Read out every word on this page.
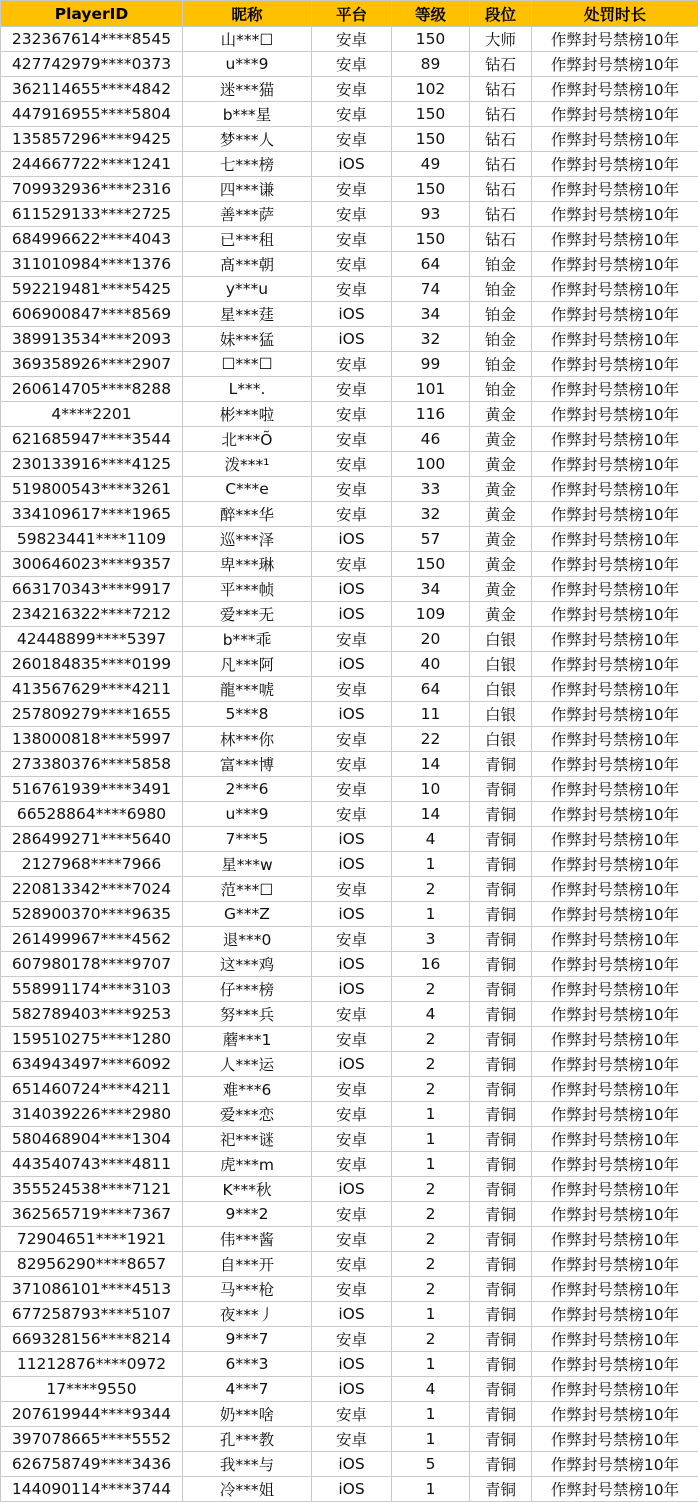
PlayerID	昵称	平台	等级	段位	处罚时长
232367614****8545	山***☐	安卓	150	大师	作弊封号禁榜10年
427742979****0373	u***9	安卓	89	钻石	作弊封号禁榜10年
362114655****4842	迷***猫	安卓	102	钻石	作弊封号禁榜10年
447916955****5804	b***星	安卓	150	钻石	作弊封号禁榜10年
135857296****9425	梦***人	安卓	150	钻石	作弊封号禁榜10年
244667722****1241	七***榜	iOS	49	钻石	作弊封号禁榜10年
709932936****2316	四***谦	安卓	150	钻石	作弊封号禁榜10年
611529133****2725	善***萨	安卓	93	钻石	作弊封号禁榜10年
684996622****4043	已***租	安卓	150	钻石	作弊封号禁榜10年
311010984****1376	髙***朝	安卓	64	铂金	作弊封号禁榜10年
592219481****5425	y***u	安卓	74	铂金	作弊封号禁榜10年
606900847****8569	星***莛	iOS	34	铂金	作弊封号禁榜10年
389913534****2093	妹***猛	iOS	32	铂金	作弊封号禁榜10年
369358926****2907	☐***☐	安卓	99	铂金	作弊封号禁榜10年
260614705****8288	L***.	安卓	101	铂金	作弊封号禁榜10年
4****2201	彬***啦	安卓	116	黄金	作弊封号禁榜10年
621685947****3544	北***Õ	安卓	46	黄金	作弊封号禁榜10年
230133916****4125	泼***¹	安卓	100	黄金	作弊封号禁榜10年
519800543****3261	C***e	安卓	33	黄金	作弊封号禁榜10年
334109617****1965	醉***华	安卓	32	黄金	作弊封号禁榜10年
59823441****1109	巡***泽	iOS	57	黄金	作弊封号禁榜10年
300646023****9357	卑***琳	安卓	150	黄金	作弊封号禁榜10年
663170343****9917	平***帧	iOS	34	黄金	作弊封号禁榜10年
234216322****7212	爱***无	iOS	109	黄金	作弊封号禁榜10年
42448899****5397	b***乖	安卓	20	白银	作弊封号禁榜10年
260184835****0199	凡***阿	iOS	40	白银	作弊封号禁榜10年
413567629****4211	龍***唬	安卓	64	白银	作弊封号禁榜10年
257809279****1655	5***8	iOS	11	白银	作弊封号禁榜10年
138000818****5997	林***你	安卓	22	白银	作弊封号禁榜10年
273380376****5858	富***博	安卓	14	青铜	作弊封号禁榜10年
516761939****3491	2***6	安卓	10	青铜	作弊封号禁榜10年
66528864****6980	u***9	安卓	14	青铜	作弊封号禁榜10年
286499271****5640	7***5	iOS	4	青铜	作弊封号禁榜10年
2127968****7966	星***w	iOS	1	青铜	作弊封号禁榜10年
220813342****7024	范***☐	安卓	2	青铜	作弊封号禁榜10年
528900370****9635	G***Z	iOS	1	青铜	作弊封号禁榜10年
261499967****4562	退***0	安卓	3	青铜	作弊封号禁榜10年
607980178****9707	这***鸡	iOS	16	青铜	作弊封号禁榜10年
558991174****3103	仔***榜	iOS	2	青铜	作弊封号禁榜10年
582789403****9253	努***兵	安卓	4	青铜	作弊封号禁榜10年
159510275****1280	蘑***1	安卓	2	青铜	作弊封号禁榜10年
634943497****6092	人***运	iOS	2	青铜	作弊封号禁榜10年
651460724****4211	难***6	安卓	2	青铜	作弊封号禁榜10年
314039226****2980	爱***恋	安卓	1	青铜	作弊封号禁榜10年
580468904****1304	祀***谜	安卓	1	青铜	作弊封号禁榜10年
443540743****4811	虎***m	安卓	1	青铜	作弊封号禁榜10年
355524538****7121	K***秋	iOS	2	青铜	作弊封号禁榜10年
362565719****7367	9***2	安卓	2	青铜	作弊封号禁榜10年
72904651****1921	伟***酱	安卓	2	青铜	作弊封号禁榜10年
82956290****8657	自***开	安卓	2	青铜	作弊封号禁榜10年
371086101****4513	马***枪	安卓	2	青铜	作弊封号禁榜10年
677258793****5107	夜***丿	iOS	1	青铜	作弊封号禁榜10年
669328156****8214	9***7	安卓	2	青铜	作弊封号禁榜10年
11212876****0972	6***3	iOS	1	青铜	作弊封号禁榜10年
17****9550	4***7	iOS	4	青铜	作弊封号禁榜10年
207619944****9344	奶***啥	安卓	1	青铜	作弊封号禁榜10年
397078665****5552	孔***教	安卓	1	青铜	作弊封号禁榜10年
626758749****3436	我***与	iOS	5	青铜	作弊封号禁榜10年
144090114****3744	冷***姐	iOS	1	青铜	作弊封号禁榜10年
